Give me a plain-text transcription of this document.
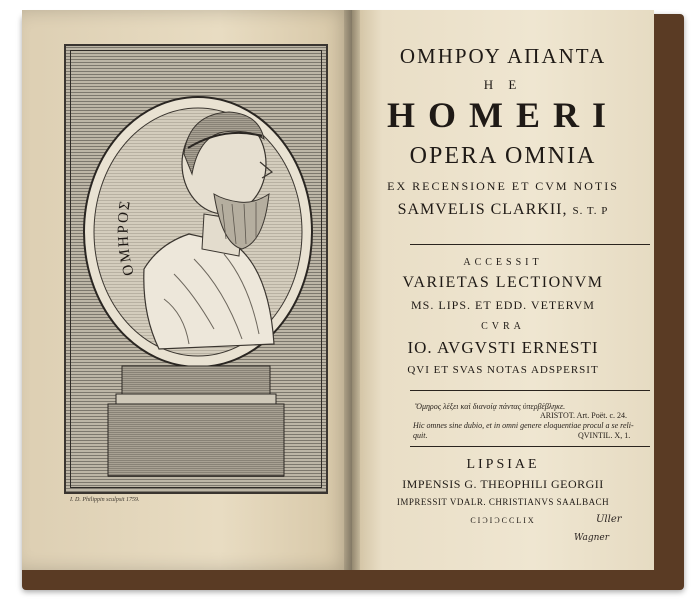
ΟΜΗΡΟΣ
I. D. Philippin sculpsit 1759.
ΟΜΗΡΟΥ ΑΠΑΝΤΑ
Η Ε
HOMERI
OPERA OMNIA
EX RECENSIONE ET CVM NOTIS
SAMVELIS CLARKII, S. T. P
ACCESSIT
VARIETAS LECTIONVM
MS. LIPS. ET EDD. VETERVM
CVRA
IO. AVGVSTI ERNESTI
QVI ET SVAS NOTAS ADSPERSIT
Ὅμηρος λέξει καὶ διανοίᾳ πάντας ὑπερβέβληκε.
ARISTOT. Art. Poët. c. 24.
Hic omnes sine dubio, et in omni genere eloquentiae procul a se reli-
quit.	QVINTIL. X, 1.
LIPSIAE
IMPENSIS G. THEOPHILI GEORGII
IMPRESSIT VDALR. CHRISTIANVS SAALBACH
CIƆIƆCCLIX	Uller
Wagner
